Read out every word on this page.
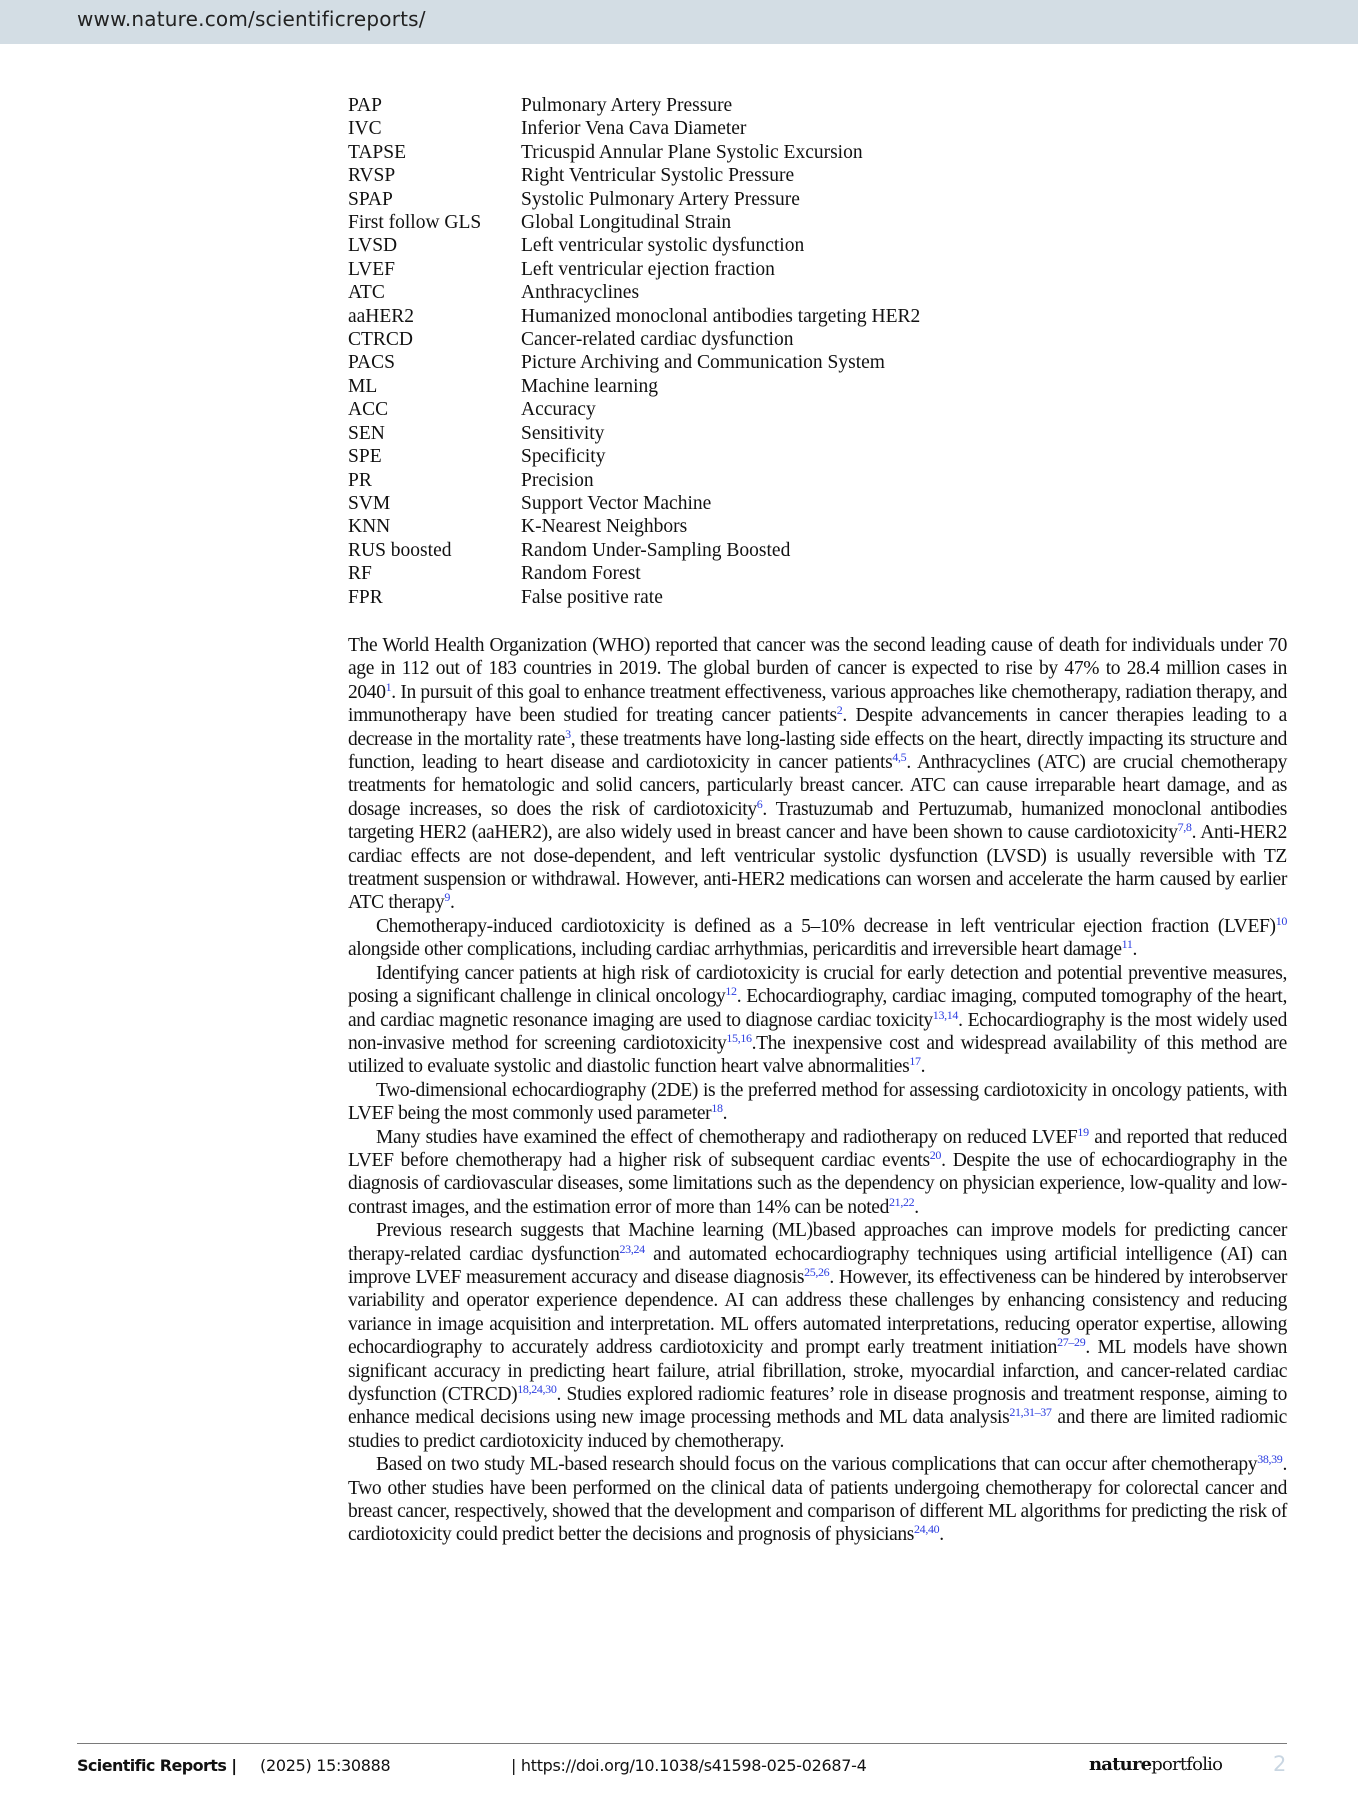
www.nature.com/scientificreports/
PAP	Pulmonary Artery Pressure
IVC	Inferior Vena Cava Diameter
TAPSE	Tricuspid Annular Plane Systolic Excursion
RVSP	Right Ventricular Systolic Pressure
SPAP	Systolic Pulmonary Artery Pressure
First follow GLS	Global Longitudinal Strain
LVSD	Left ventricular systolic dysfunction
LVEF	Left ventricular ejection fraction
ATC	Anthracyclines
aaHER2	Humanized monoclonal antibodies targeting HER2
CTRCD	Cancer-related cardiac dysfunction
PACS	Picture Archiving and Communication System
ML	Machine learning
ACC	Accuracy
SEN	Sensitivity
SPE	Specificity
PR	Precision
SVM	Support Vector Machine
KNN	K-Nearest Neighbors
RUS boosted	Random Under-Sampling Boosted
RF	Random Forest
FPR	False positive rate

The World Health Organization (WHO) reported that cancer was the second leading cause of death for individuals under 70 age in 112 out of 183 countries in 2019. The global burden of cancer is expected to rise by 47% to 28.4 million cases in 2040$^1$. In pursuit of this goal to enhance treatment effectiveness, various approaches like chemotherapy, radiation therapy, and immunotherapy have been studied for treating cancer patients$^2$. Despite advancements in cancer therapies leading to a decrease in the mortality rate$^3$, these treatments have long-lasting side effects on the heart, directly impacting its structure and function, leading to heart disease and cardiotoxicity in cancer patients$^{4,5}$. Anthracyclines (ATC) are crucial chemotherapy treatments for hematologic and solid cancers, particularly breast cancer. ATC can cause irreparable heart damage, and as dosage increases, so does the risk of cardiotoxicity$^6$. Trastuzumab and Pertuzumab, humanized monoclonal antibodies targeting HER2 (aaHER2), are also widely used in breast cancer and have been shown to cause cardiotoxicity$^{7,8}$. Anti-HER2 cardiac effects are not dose-dependent, and left ventricular systolic dysfunction (LVSD) is usually reversible with TZ treatment suspension or withdrawal. However, anti-HER2 medications can worsen and accelerate the harm caused by earlier ATC therapy$^9$.

Chemotherapy-induced cardiotoxicity is defined as a 5–10% decrease in left ventricular ejection fraction (LVEF)$^{10}$ alongside other complications, including cardiac arrhythmias, pericarditis and irreversible heart damage$^{11}$.

Identifying cancer patients at high risk of cardiotoxicity is crucial for early detection and potential preventive measures, posing a significant challenge in clinical oncology$^{12}$. Echocardiography, cardiac imaging, computed tomography of the heart, and cardiac magnetic resonance imaging are used to diagnose cardiac toxicity$^{13,14}$. Echocardiography is the most widely used non-invasive method for screening cardiotoxicity$^{15,16}$.The inexpensive cost and widespread availability of this method are utilized to evaluate systolic and diastolic function heart valve abnormalities$^{17}$.

Two-dimensional echocardiography (2DE) is the preferred method for assessing cardiotoxicity in oncology patients, with LVEF being the most commonly used parameter$^{18}$.

Many studies have examined the effect of chemotherapy and radiotherapy on reduced LVEF$^{19}$ and reported that reduced LVEF before chemotherapy had a higher risk of subsequent cardiac events$^{20}$. Despite the use of echocardiography in the diagnosis of cardiovascular diseases, some limitations such as the dependency on physician experience, low-quality and low-contrast images, and the estimation error of more than 14% can be noted$^{21,22}$.

Previous research suggests that Machine learning (ML)based approaches can improve models for predicting cancer therapy-related cardiac dysfunction$^{23,24}$ and automated echocardiography techniques using artificial intelligence (AI) can improve LVEF measurement accuracy and disease diagnosis$^{25,26}$. However, its effectiveness can be hindered by interobserver variability and operator experience dependence. AI can address these challenges by enhancing consistency and reducing variance in image acquisition and interpretation. ML offers automated interpretations, reducing operator expertise, allowing echocardiography to accurately address cardiotoxicity and prompt early treatment initiation$^{27-29}$. ML models have shown significant accuracy in predicting heart failure, atrial fibrillation, stroke, myocardial infarction, and cancer-related cardiac dysfunction (CTRCD)$^{18,24,30}$. Studies explored radiomic features’ role in disease prognosis and treatment response, aiming to enhance medical decisions using new image processing methods and ML data analysis$^{21,31-37}$ and there are limited radiomic studies to predict cardiotoxicity induced by chemotherapy.

Based on two study ML-based research should focus on the various complications that can occur after chemotherapy$^{38,39}$. Two other studies have been performed on the clinical data of patients undergoing chemotherapy for colorectal cancer and breast cancer, respectively, showed that the development and comparison of different ML algorithms for predicting the risk of cardiotoxicity could predict better the decisions and prognosis of physicians$^{24,40}$.

Scientific Reports | (2025) 15:30888	| https://doi.org/10.1038/s41598-025-02687-4	natureportfolio 2
